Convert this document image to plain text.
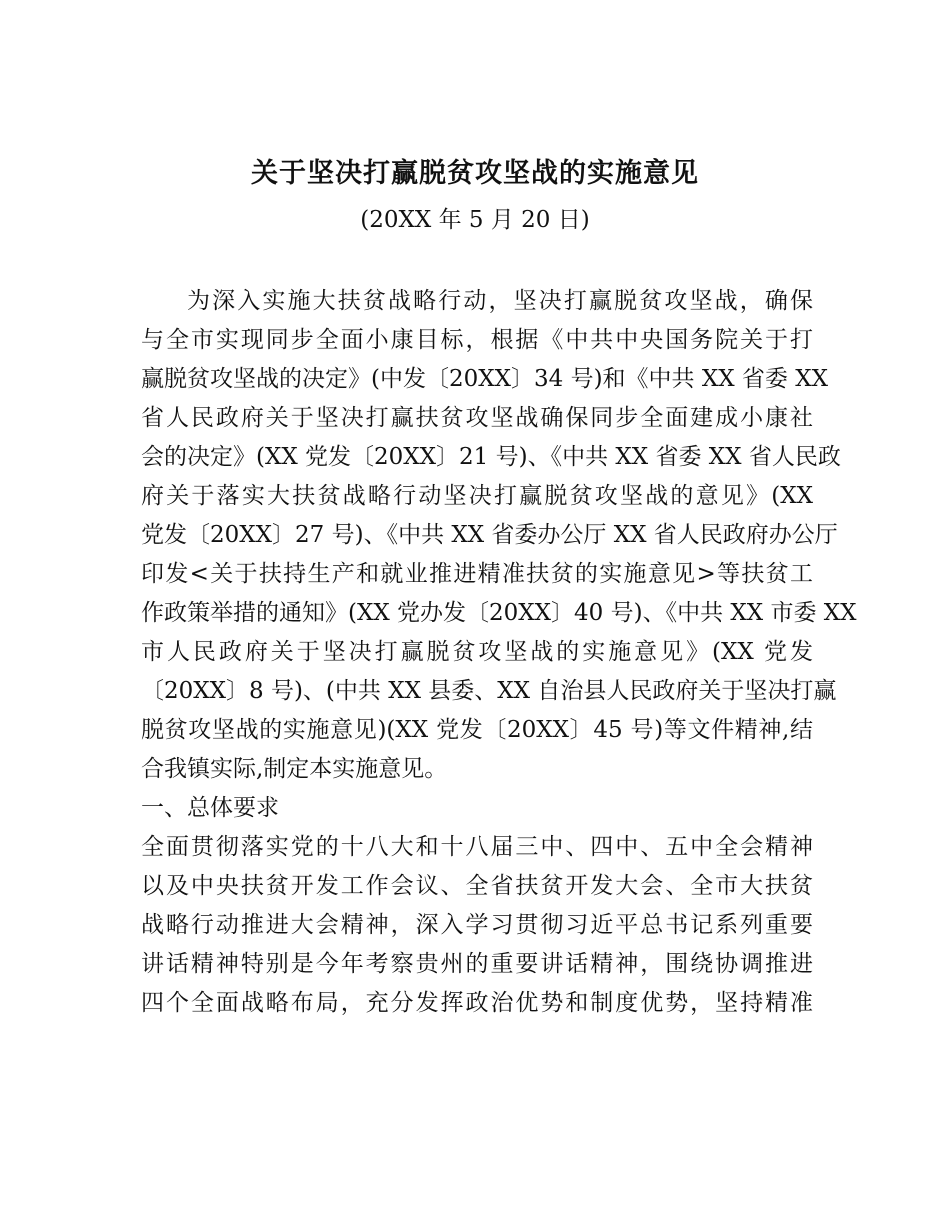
关于坚决打赢脱贫攻坚战的实施意见
(20XX 年 5 月 20 日)
为深入实施大扶贫战略行动，坚决打赢脱贫攻坚战，确保
与全市实现同步全面小康目标，根据《中共中央国务院关于打
赢脱贫攻坚战的决定》(中发〔20XX〕34 号)和《中共 XX 省委 XX
省人民政府关于坚决打赢扶贫攻坚战确保同步全面建成小康社
会的决定》(XX 党发〔20XX〕21 号)、《中共 XX 省委 XX 省人民政
府关于落实大扶贫战略行动坚决打赢脱贫攻坚战的意见》(XX
党发〔20XX〕27 号)、《中共 XX 省委办公厅 XX 省人民政府办公厅
印发<关于扶持生产和就业推进精准扶贫的实施意见>等扶贫工
作政策举措的通知》(XX 党办发〔20XX〕40 号)、《中共 XX 市委 XX
市人民政府关于坚决打赢脱贫攻坚战的实施意见》(XX 党发
〔20XX〕8 号)、(中共 XX 县委、XX 自治县人民政府关于坚决打赢
脱贫攻坚战的实施意见)(XX 党发〔20XX〕45 号)等文件精神,结
合我镇实际,制定本实施意见。
一、总体要求
全面贯彻落实党的十八大和十八届三中、四中、五中全会精神
以及中央扶贫开发工作会议、全省扶贫开发大会、全市大扶贫
战略行动推进大会精神，深入学习贯彻习近平总书记系列重要
讲话精神特别是今年考察贵州的重要讲话精神，围绕协调推进
四个全面战略布局，充分发挥政治优势和制度优势，坚持精准
